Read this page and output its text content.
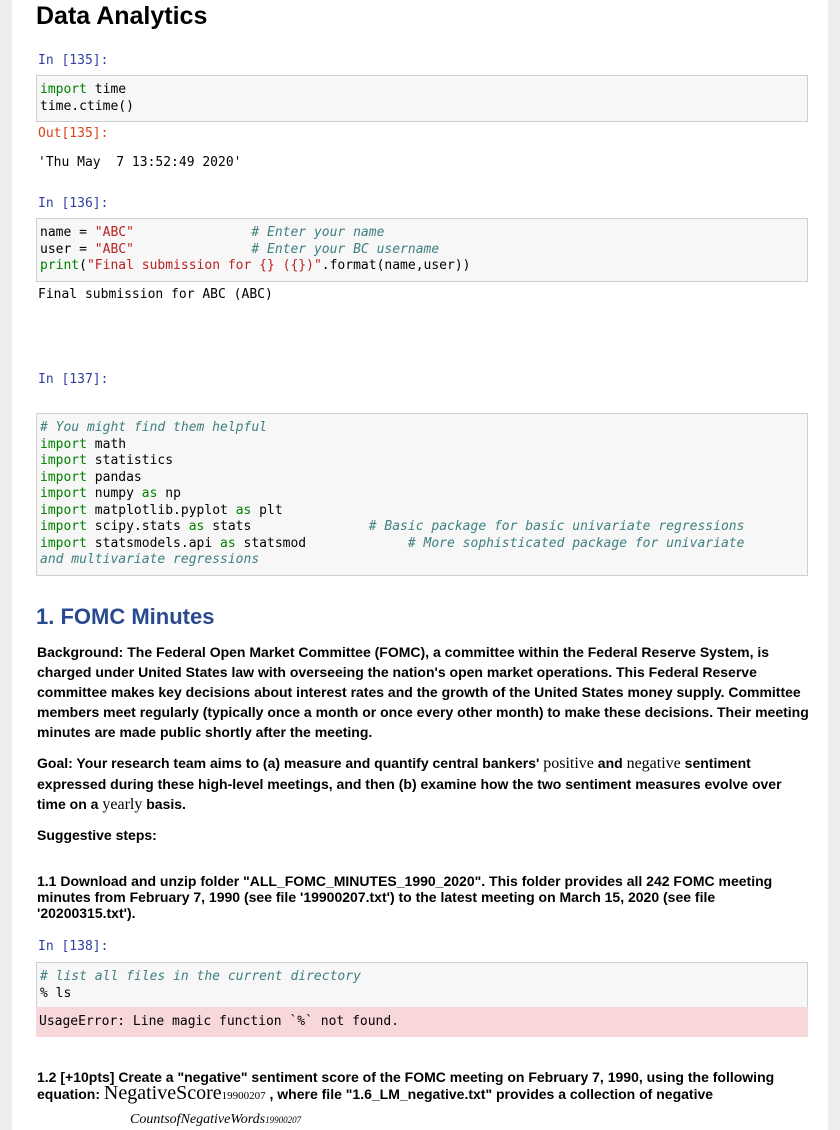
Data Analytics
In [135]:
import time
time.ctime()
Out[135]:
'Thu May  7 13:52:49 2020'
In [136]:
name = "ABC"	# Enter your name
user = "ABC"	# Enter your BC username
print("Final submission for {} ({})".format(name,user))
Final submission for ABC (ABC)
In [137]:
# You might find them helpful
import math
import statistics
import pandas
import numpy as np
import matplotlib.pyplot as plt
import scipy.stats as stats               # Basic package for basic univariate regressions
import statsmodels.api as statsmod             # More sophisticated package for univariate
and multivariate regressions
1. FOMC Minutes
Background: The Federal Open Market Committee (FOMC), a committee within the Federal Reserve System, is charged under United States law with overseeing the nation's open market operations. This Federal Reserve committee makes key decisions about interest rates and the growth of the United States money supply. Committee members meet regularly (typically once a month or once every other month) to make these decisions. Their meeting minutes are made public shortly after the meeting.
Goal: Your research team aims to (a) measure and quantify central bankers' positive and negative sentiment expressed during these high-level meetings, and then (b) examine how the two sentiment measures evolve over time on a yearly basis.
Suggestive steps:
1.1 Download and unzip folder "ALL_FOMC_MINUTES_1990_2020". This folder provides all 242 FOMC meeting minutes from February 7, 1990 (see file '19900207.txt') to the latest meeting on March 15, 2020 (see file '20200315.txt').
In [138]:
# list all files in the current directory
% ls
UsageError: Line magic function `%` not found.
1.2 [+10pts] Create a "negative" sentiment score of the FOMC meeting on February 7, 1990, using the following equation: NegativeScore19900207 , where file "1.6_LM_negative.txt" provides a collection of negative
CountsofNegativeWords19900207
